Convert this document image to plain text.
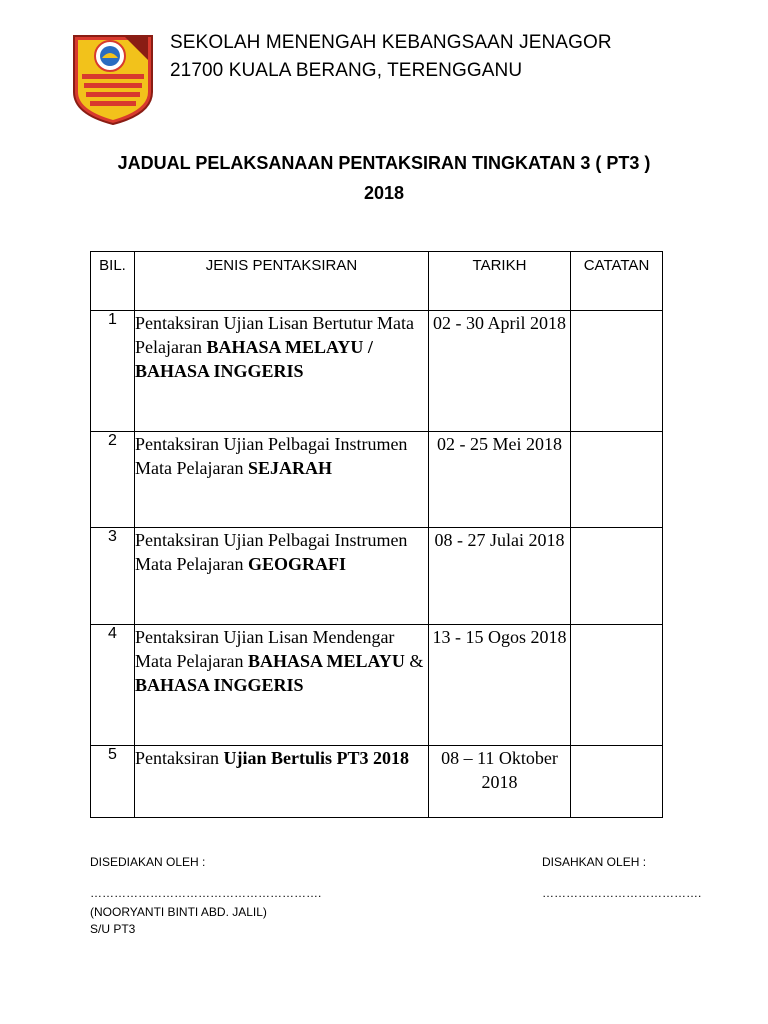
SEKOLAH MENENGAH KEBANGSAAN JENAGOR
21700 KUALA BERANG, TERENGGANU
JADUAL PELAKSANAAN PENTAKSIRAN TINGKATAN 3 ( PT3 )
2018
BIL.	JENIS PENTAKSIRAN	TARIKH	CATATAN
1	Pentaksiran Ujian Lisan Bertutur Mata Pelajaran BAHASA MELAYU / BAHASA INGGERIS	02 - 30 April 2018	
2	Pentaksiran Ujian Pelbagai Instrumen Mata Pelajaran SEJARAH	02 - 25 Mei 2018	
3	Pentaksiran Ujian Pelbagai Instrumen Mata Pelajaran GEOGRAFI	08 - 27 Julai 2018	
4	Pentaksiran Ujian Lisan Mendengar Mata Pelajaran BAHASA MELAYU & BAHASA INGGERIS	13 - 15 Ogos 2018	
5	Pentaksiran Ujian Bertulis PT3 2018	08 – 11 Oktober 2018	
DISEDIAKAN OLEH :
………………………………………………….
(NOORYANTI BINTI ABD. JALIL)
S/U PT3
DISAHKAN OLEH :
………………………………….
